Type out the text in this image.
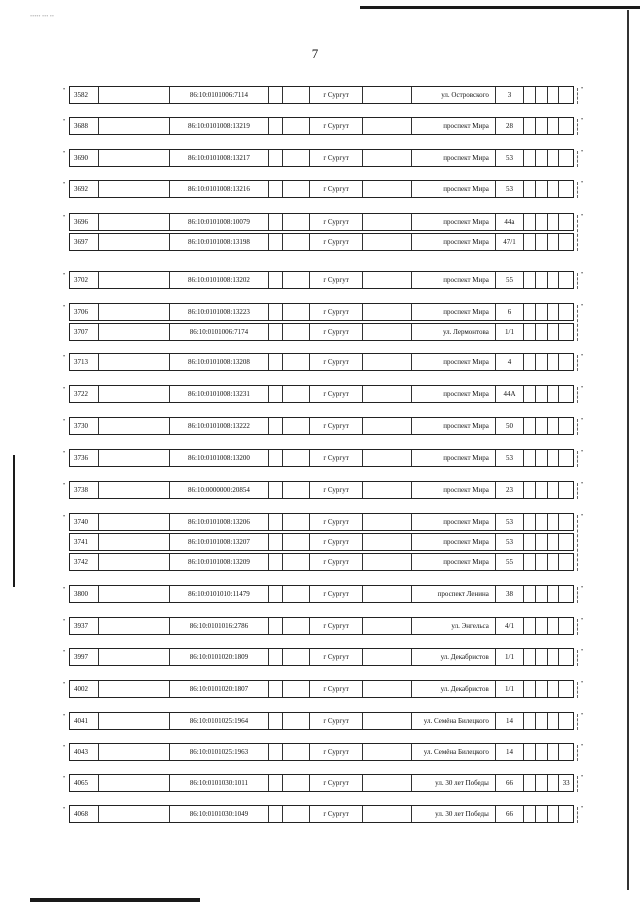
••••• ••• ••
7
•
3582	86:10:0101006:7114	г Сургут	ул. Островского	3
•
•
3688	86:10:0101008:13219	г Сургут	проспект Мира	28
•
•
3690	86:10:0101008:13217	г Сургут	проспект Мира	53
•
•
3692	86:10:0101008:13216	г Сургут	проспект Мира	53
•
•
3696	86:10:0101008:10079	г Сургут	проспект Мира	44а
3697	86:10:0101008:13198	г Сургут	проспект Мира	47/1
•
•
3702	86:10:0101008:13202	г Сургут	проспект Мира	55
•
•
3706	86:10:0101008:13223	г Сургут	проспект Мира	6
3707	86:10:0101006:7174	г Сургут	ул. Лермонтова	1/1
•
•
3713	86:10:0101008:13208	г Сургут	проспект Мира	4
•
•
3722	86:10:0101008:13231	г Сургут	проспект Мира	44А
•
•
3730	86:10:0101008:13222	г Сургут	проспект Мира	50
•
•
3736	86:10:0101008:13200	г Сургут	проспект Мира	53
•
•
3738	86:10:0000000:20854	г Сургут	проспект Мира	23
•
•
3740	86:10:0101008:13206	г Сургут	проспект Мира	53
3741	86:10:0101008:13207	г Сургут	проспект Мира	53
3742	86:10:0101008:13209	г Сургут	проспект Мира	55
•
•
3800	86:10:0101010:11479	г Сургут	проспект Ленина	38
•
•
3937	86:10:0101016:2786	г Сургут	ул. Энгельса	4/1
•
•
3997	86:10:0101020:1809	г Сургут	ул. Декабристов	1/1
•
•
4002	86:10:0101020:1807	г Сургут	ул. Декабристов	1/1
•
•
4041	86:10:0101025:1964	г Сургут	ул. Семёна Билецкого	14
•
•
4043	86:10:0101025:1963	г Сургут	ул. Семёна Билецкого	14
•
•
4065	86:10:0101030:1011	г Сургут	ул. 30 лет Победы	66	33
•
•
4068	86:10:0101030:1049	г Сургут	ул. 30 лет Победы	66
•
